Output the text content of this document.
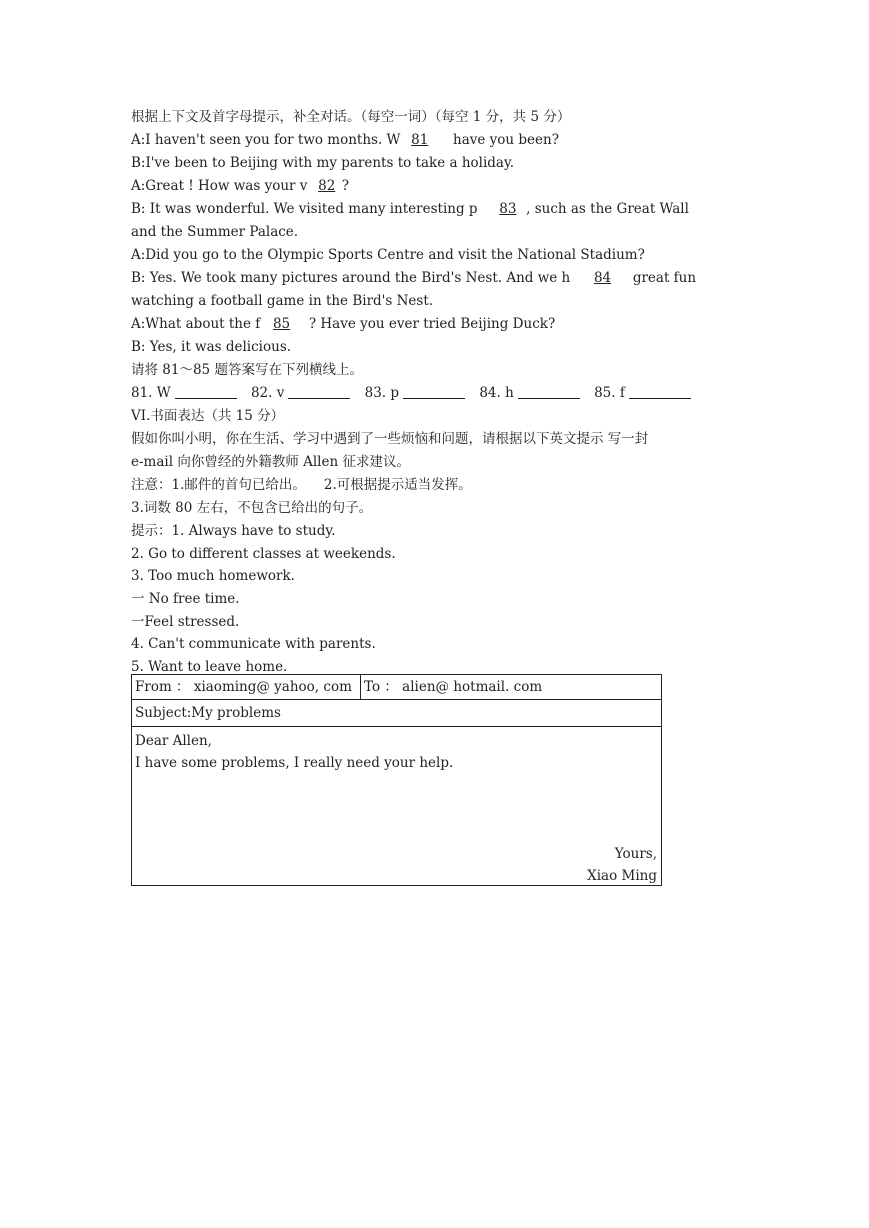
根据上下文及首字母提示，补全对话。（每空一词）（每空 1 分，共 5 分）
A:I haven't seen you for two months. W 81 have you been?
B:I've been to Beijing with my parents to take a holiday.
A:Great ! How was your v 82 ?
B: It was wonderful. We visited many interesting p 83 , such as the Great Wall
and the Summer Palace.
A:Did you go to the Olympic Sports Centre and visit the National Stadium?
B: Yes. We took many pictures around the Bird's Nest. And we h 84 great fun
watching a football game in the Bird's Nest.
A:What about the f 85 ? Have you ever tried Beijing Duck?
B: Yes, it was delicious.
请将 81～85 题答案写在下列横线上。
81. W	82. v	83. p	84. h	85. f
VI.书面表达（共 15 分）
假如你叫小明，你在生活、学习中遇到了一些烦恼和问题，请根据以下英文提示 写一封
e-mail 向你曾经的外籍教师 Allen 征求建议。
注意：1.邮件的首句已给出。 2.可根据提示适当发挥。
3.词数 80 左右，不包含已给出的句子。
提示：1. Always have to study.
2. Go to different classes at weekends.
3. Too much homework.
一 No free time.
一Feel stressed.
4. Can't communicate with parents.
5. Want to leave home.
From ： xiaoming@ yahoo, com	To ： alien@ hotmail. com
Subject:My problems

Dear Allen,
I have some problems, I really need your help.
Yours,
Xiao Ming
